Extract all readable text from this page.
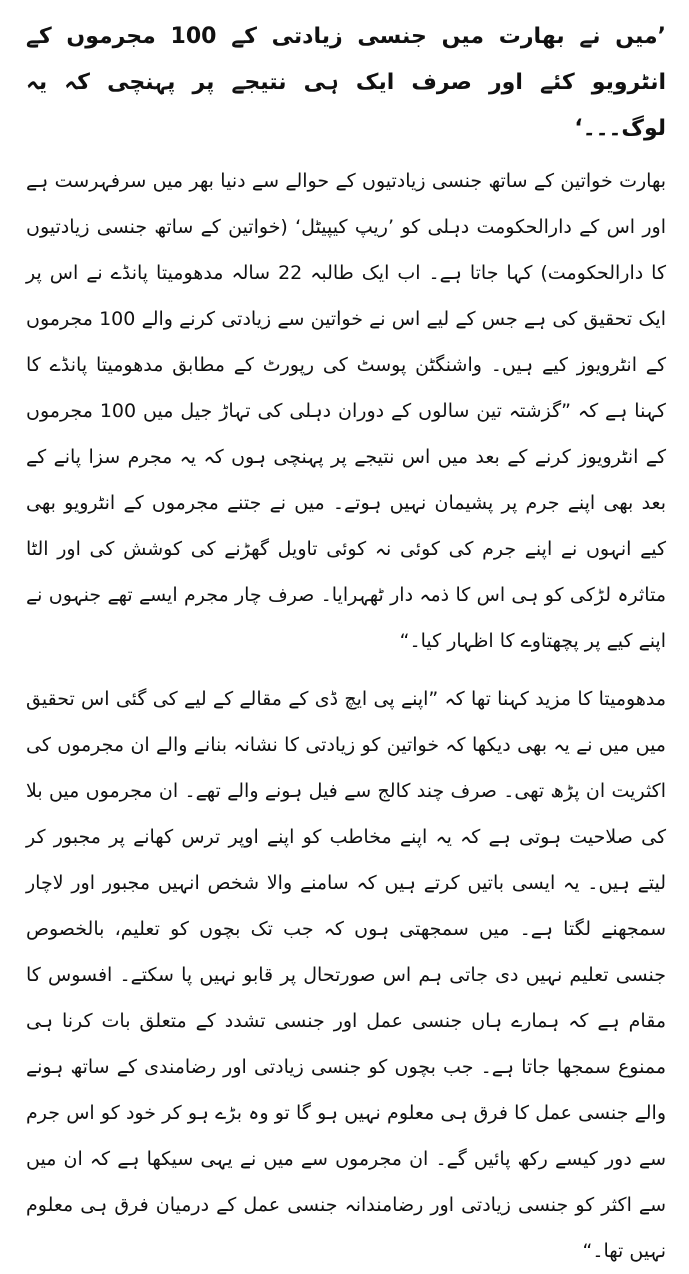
’میں نے بھارت میں جنسی زیادتی کے 100 مجرموں کے انٹرویو کئے اور صرف ایک ہی نتیجے پر پہنچی کہ یہ لوگ۔۔۔‘

بھارت خواتین کے ساتھ جنسی زیادتیوں کے حوالے سے دنیا بھر میں سرفہرست ہے اور اس کے دارالحکومت دہلی کو ’ریپ کیپیٹل‘ (خواتین کے ساتھ جنسی زیادتیوں کا دارالحکومت) کہا جاتا ہے۔ اب ایک طالبہ 22 سالہ مدھومیتا پانڈے نے اس پر ایک تحقیق کی ہے جس کے لیے اس نے خواتین سے زیادتی کرنے والے 100 مجرموں کے انٹرویوز کیے ہیں۔ واشنگٹن پوسٹ کی رپورٹ کے مطابق مدھومیتا پانڈے کا کہنا ہے کہ ”گزشتہ تین سالوں کے دوران دہلی کی تہاڑ جیل میں 100 مجرموں کے انٹرویوز کرنے کے بعد میں اس نتیجے پر پہنچی ہوں کہ یہ مجرم سزا پانے کے بعد بھی اپنے جرم پر پشیمان نہیں ہوتے۔ میں نے جتنے مجرموں کے انٹرویو بھی کیے انہوں نے اپنے جرم کی کوئی نہ کوئی تاویل گھڑنے کی کوشش کی اور الٹا متاثرہ لڑکی کو ہی اس کا ذمہ دار ٹھہرایا۔ صرف چار مجرم ایسے تھے جنہوں نے اپنے کیے پر پچھتاوے کا اظہار کیا۔“

مدھومیتا کا مزید کہنا تھا کہ ”اپنے پی ایچ ڈی کے مقالے کے لیے کی گئی اس تحقیق میں میں نے یہ بھی دیکھا کہ خواتین کو زیادتی کا نشانہ بنانے والے ان مجرموں کی اکثریت ان پڑھ تھی۔ صرف چند کالج سے فیل ہونے والے تھے۔ ان مجرموں میں بلا کی صلاحیت ہوتی ہے کہ یہ اپنے مخاطب کو اپنے اوپر ترس کھانے پر مجبور کر لیتے ہیں۔ یہ ایسی باتیں کرتے ہیں کہ سامنے والا شخص انہیں مجبور اور لاچار سمجھنے لگتا ہے۔ میں سمجھتی ہوں کہ جب تک بچوں کو تعلیم، بالخصوص جنسی تعلیم نہیں دی جاتی ہم اس صورتحال پر قابو نہیں پا سکتے۔ افسوس کا مقام ہے کہ ہمارے ہاں جنسی عمل اور جنسی تشدد کے متعلق بات کرنا ہی ممنوع سمجھا جاتا ہے۔ جب بچوں کو جنسی زیادتی اور رضامندی کے ساتھ ہونے والے جنسی عمل کا فرق ہی معلوم نہیں ہو گا تو وہ بڑے ہو کر خود کو اس جرم سے دور کیسے رکھ پائیں گے۔ ان مجرموں سے میں نے یہی سیکھا ہے کہ ان میں سے اکثر کو جنسی زیادتی اور رضامندانہ جنسی عمل کے درمیان فرق ہی معلوم نہیں تھا۔“
